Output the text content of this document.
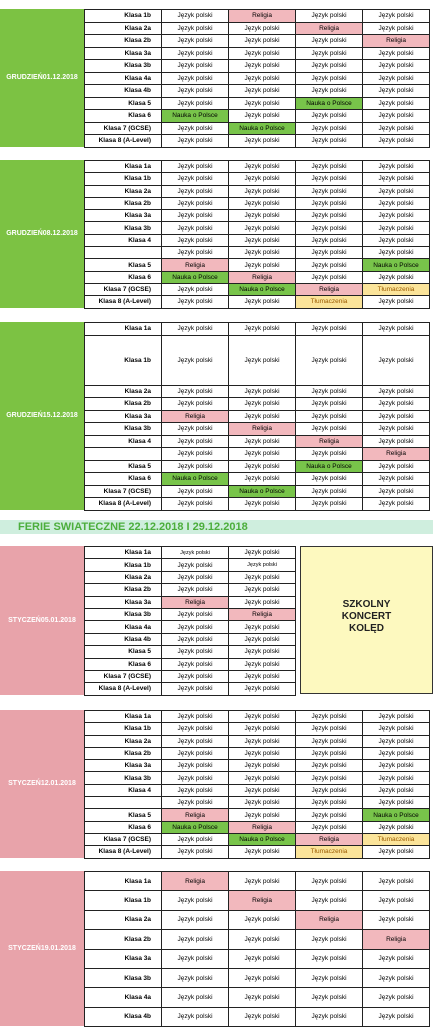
GRUDZIEŃ 01.12.2018
Klasa 1b	Język polski	Religia	Język polski	Język polski
Klasa 2a	Język polski	Język polski	Religia	Język polski
Klasa 2b	Język polski	Język polski	Język polski	Religia
Klasa 3a	Język polski	Język polski	Język polski	Język polski
Klasa 3b	Język polski	Język polski	Język polski	Język polski
Klasa 4a	Język polski	Język polski	Język polski	Język polski
Klasa 4b	Język polski	Język polski	Język polski	Język polski
Klasa 5	Język polski	Język polski	Nauka o Polsce	Język polski
Klasa 6	Nauka o Polsce	Język polski	Język polski	Język polski
Klasa 7 (GCSE)	Język polski	Nauka o Polsce	Język polski	Język polski
Klasa 8 (A-Level)	Język polski	Język polski	Język polski	Język polski
GRUDZIEŃ 08.12.2018
Klasa 1a	Język polski	Język polski	Język polski	Język polski
Klasa 1b	Język polski	Język polski	Język polski	Język polski
Klasa 2a	Język polski	Język polski	Język polski	Język polski
Klasa 2b	Język polski	Język polski	Język polski	Język polski
Klasa 3a	Język polski	Język polski	Język polski	Język polski
Klasa 3b	Język polski	Język polski	Język polski	Język polski
Klasa 4	Język polski	Język polski	Język polski	Język polski
	Język polski	Język polski	Język polski	Język polski
Klasa 5	Religia	Język polski	Język polski	Nauka o Polsce
Klasa 6	Nauka o Polsce	Religia	Język polski	Język polski
Klasa 7 (GCSE)	Język polski	Nauka o Polsce	Religia	Tłumaczenia
Klasa 8 (A-Level)	Język polski	Język polski	Tłumaczenia	Język polski
GRUDZIEŃ 15.12.2018
Klasa 1a	Język polski	Język polski	Język polski	Język polski
Klasa 1b	Język polski	Język polski	Język polski	Język polski
Klasa 2a	Język polski	Język polski	Język polski	Język polski
Klasa 2b	Język polski	Język polski	Język polski	Język polski
Klasa 3a	Religia	Język polski	Język polski	Język polski
Klasa 3b	Język polski	Religia	Język polski	Język polski
Klasa 4	Język polski	Język polski	Religia	Język polski
	Język polski	Język polski	Język polski	Religia
Klasa 5	Język polski	Język polski	Nauka o Polsce	Język polski
Klasa 6	Nauka o Polsce	Język polski	Język polski	Język polski
Klasa 7 (GCSE)	Język polski	Nauka o Polsce	Język polski	Język polski
Klasa 8 (A-Level)	Język polski	Język polski	Język polski	Język polski
FERIE SWIATECZNE 22.12.2018 I 29.12.2018
STYCZEŃ 05.01.2018
Klasa 1a	Język polski	Język polski
Klasa 1b	Język polski	Język polski
Klasa 2a	Język polski	Język polski
Klasa 2b	Język polski	Język polski
Klasa 3a	Religia	Język polski
Klasa 3b	Język polski	Religia
Klasa 4a	Język polski	Język polski
Klasa 4b	Język polski	Język polski
Klasa 5	Język polski	Język polski
Klasa 6	Język polski	Język polski
Klasa 7 (GCSE)	Język polski	Język polski
Klasa 8 (A-Level)	Język polski	Język polski
SZKOLNY
KONCERT
KOLĘD
STYCZEŃ 12.01.2018
Klasa 1a	Język polski	Język polski	Język polski	Język polski
Klasa 1b	Język polski	Język polski	Język polski	Język polski
Klasa 2a	Język polski	Język polski	Język polski	Język polski
Klasa 2b	Język polski	Język polski	Język polski	Język polski
Klasa 3a	Język polski	Język polski	Język polski	Język polski
Klasa 3b	Język polski	Język polski	Język polski	Język polski
Klasa 4	Język polski	Język polski	Język polski	Język polski
	Język polski	Język polski	Język polski	Język polski
Klasa 5	Religia	Język polski	Język polski	Nauka o Polsce
Klasa 6	Nauka o Polsce	Religia	Język polski	Język polski
Klasa 7 (GCSE)	Język polski	Nauka o Polsce	Religia	Tłumaczenia
Klasa 8 (A-Level)	Język polski	Język polski	Tłumaczenia	Język polski
STYCZEŃ 19.01.2018
Klasa 1a	Religia	Język polski	Język polski	Język polski
Klasa 1b	Język polski	Religia	Język polski	Język polski
Klasa 2a	Język polski	Język polski	Religia	Język polski
Klasa 2b	Język polski	Język polski	Język polski	Religia
Klasa 3a	Język polski	Język polski	Język polski	Język polski
Klasa 3b	Język polski	Język polski	Język polski	Język polski
Klasa 4a	Język polski	Język polski	Język polski	Język polski
Klasa 4b	Język polski	Język polski	Język polski	Język polski
